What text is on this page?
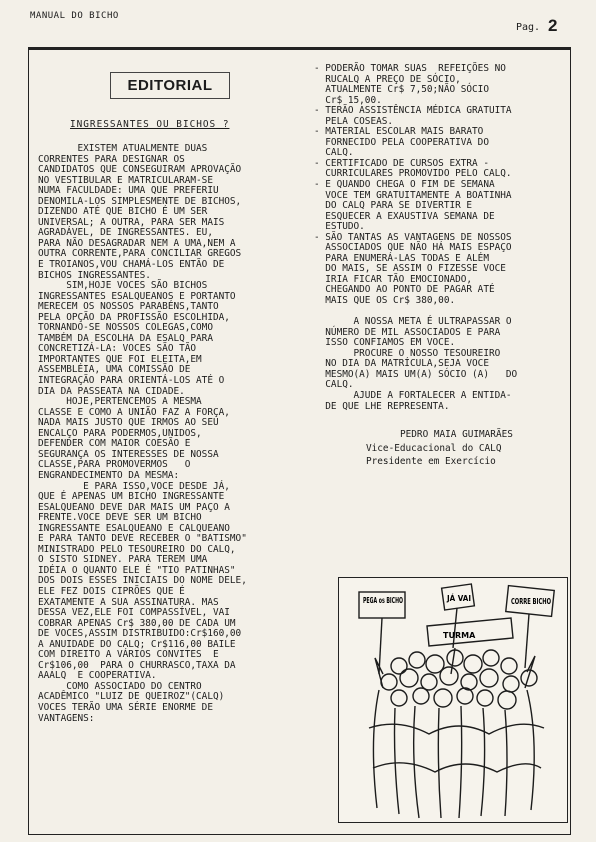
MANUAL DO BICHO
Pag. 2
EDITORIAL
INGRESSANTES OU BICHOS ?
EXISTEM ATUALMENTE DUAS
CORRENTES PARA DESIGNAR OS
CANDIDATOS QUE CONSEGUIRAM APROVAÇÃO
NO VESTIBULAR E MATRICULARAM-SE
NUMA FACULDADE: UMA QUE PREFERIU
DENOMILA-LOS SIMPLESMENTE DE BICHOS,
DIZENDO ATÉ QUE BICHO É UM SER
UNIVERSAL; A OUTRA, PARA SER MAIS
AGRADÁVEL, DE INGRESSANTES. EU,
PARA NÃO DESAGRADAR NEM A UMA,NEM A
OUTRA CORRENTE,PARA CONCILIAR GREGOS
E TROIANOS,VOU CHAMÁ-LOS ENTÃO DE
BICHOS INGRESSANTES.
SIM,HOJE VOCES SÃO BICHOS
INGRESSANTES ESALQUEANOS E PORTANTO
MERECEM OS NOSSOS PARABÉNS,TANTO
PELA OPÇÃO DA PROFISSÃO ESCOLHIDA,
TORNANDO-SE NOSSOS COLEGAS,COMO
TAMBÉM DA ESCOLHA DA ESALQ PARA
CONCRETIZÁ-LA: VOCES SÃO TÃO
IMPORTANTES QUE FOI ELEITA,EM
ASSEMBLÉIA, UMA COMISSÃO DE
INTEGRAÇÃO PARA ORIENTÁ-LOS ATÉ O
DIA DA PASSEATA NA CIDADE.
HOJE,PERTENCEMOS A MESMA
CLASSE E COMO A UNIÃO FAZ A FORÇA,
NADA MAIS JUSTO QUE IRMOS AO SEU
ENCALÇO PARA PODERMOS,UNIDOS,
DEFENDER COM MAIOR COESÃO E
SEGURANÇA OS INTERESSES DE NOSSA
CLASSE,PARA PROMOVERMOS   O
ENGRANDECIMENTO DA MESMA:
E PARA ISSO,VOCE DESDE JÁ,
QUE É APENAS UM BICHO INGRESSANTE
ESALQUEANO DEVE DAR MAIS UM PAÇO A
FRENTE.VOCE DEVE SER UM BICHO
INGRESSANTE ESALQUEANO E CALQUEANO
E PARA TANTO DEVE RECEBER O "BATISMO"
MINISTRADO PELO TESOUREIRO DO CALQ,
O SISTO SIDNEY. PARA TEREM UMA
IDÉIA O QUANTO ELE É "TIO PATINHAS"
DOS DOIS ESSES INICIAIS DO NOME DELE,
ELE FEZ DOIS CIPRÕES QUE É
EXATAMENTE A SUA ASSINATURA. MAS
DESSA VEZ,ELE FOI COMPASSÍVEL, VAI
COBRAR APENAS Cr$ 380,00 DE CADA UM
DE VOCES,ASSIM DISTRIBUIDO:Cr$160,00
A ANUIDADE DO CALQ; Cr$116,00 BAILE
COM DIREITO A VÁRIOS CONVITES  E
Cr$106,00  PARA O CHURRASCO,TAXA DA
AAALQ  E COOPERATIVA.
COMO ASSOCIADO DO CENTRO
ACADÊMICO "LUIZ DE QUEIROZ"(CALQ)
VOCES TERÃO UMA SÉRIE ENORME DE
VANTAGENS:
- PODERÃO TOMAR SUAS  REFEIÇÕES NO
RUCALQ A PREÇO DE SÓCIO,
ATUALMENTE Cr$ 7,50;NÃO SÓCIO
Cr$ 15,00.
- TERÃO ASSISTÊNCIA MÉDICA GRATUITA
PELA COSEAS.
- MATERIAL ESCOLAR MAIS BARATO
FORNECIDO PELA COOPERATIVA DO
CALQ.
- CERTIFICADO DE CURSOS EXTRA -
CURRICULARES PROMOVIDO PELO CALQ.
- E QUANDO CHEGA O FIM DE SEMANA
VOCE TEM GRATUITAMENTE A BOATINHA
DO CALQ PARA SE DIVERTIR E
ESQUECER A EXAUSTIVA SEMANA DE
ESTUDO.
- SÃO TANTAS AS VANTAGENS DE NOSSOS
ASSOCIADOS QUE NÃO HÁ MAIS ESPAÇO
PARA ENUMERÁ-LAS TODAS E ALÉM
DO MAIS, SE ASSIM O FIZESSE VOCE
IRIA FICAR TÃO EMOCIONADO,
CHEGANDO AO PONTO DE PAGAR ATÉ
MAIS QUE OS Cr$ 380,00.

A NOSSA META É ULTRAPASSAR O
NÚMERO DE MIL ASSOCIADOS E PARA
ISSO CONFIAMOS EM VOCE.
PROCURE O NOSSO TESOUREIRO
NO DIA DA MATRÍCULA,SEJA VOCE
MESMO(A) MAIS UM(A) SÓCIO (A)   DO
CALQ.
AJUDE A FORTALECER A ENTIDA-
DE QUE LHE REPRESENTA.
PEDRO MAIA GUIMARÃES
Vice-Educacional do CALQ
Presidente em Exercício
PEGA os BICHO	JÁ VAI	CORRE BICHO
TURMA
